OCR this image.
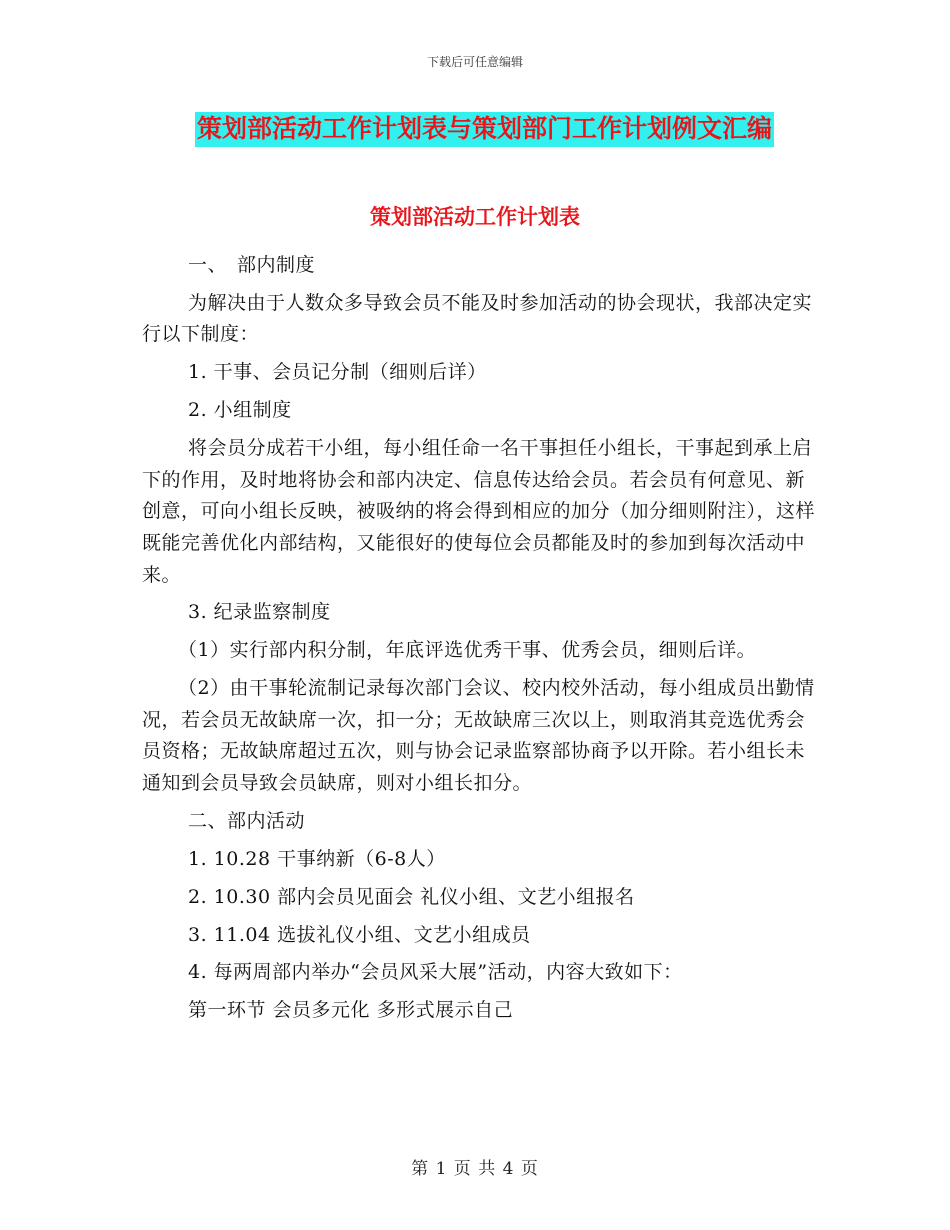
下载后可任意编辑
策划部活动工作计划表与策划部门工作计划例文汇编
策划部活动工作计划表

一、　部内制度

为解决由于人数众多导致会员不能及时参加活动的协会现状，我部决定实行以下制度：

1. 干事、会员记分制（细则后详）

2. 小组制度

将会员分成若干小组，每小组任命一名干事担任小组长，干事起到承上启下的作用，及时地将协会和部内决定、信息传达给会员。若会员有何意见、新创意，可向小组长反映，被吸纳的将会得到相应的加分（加分细则附注），这样既能完善优化内部结构，又能很好的使每位会员都能及时的参加到每次活动中来。

3. 纪录监察制度

（1）实行部内积分制，年底评选优秀干事、优秀会员，细则后详。

（2）由干事轮流制记录每次部门会议、校内校外活动，每小组成员出勤情况，若会员无故缺席一次，扣一分；无故缺席三次以上，则取消其竞选优秀会员资格；无故缺席超过五次，则与协会记录监察部协商予以开除。若小组长未通知到会员导致会员缺席，则对小组长扣分。

二、部内活动

1. 10.28 干事纳新（6-8人）

2. 10.30 部内会员见面会 礼仪小组、文艺小组报名

3. 11.04 选拔礼仪小组、文艺小组成员

4. 每两周部内举办“会员风采大展”活动，内容大致如下：

第一环节 会员多元化 多形式展示自己

第 1 页 共 4 页
